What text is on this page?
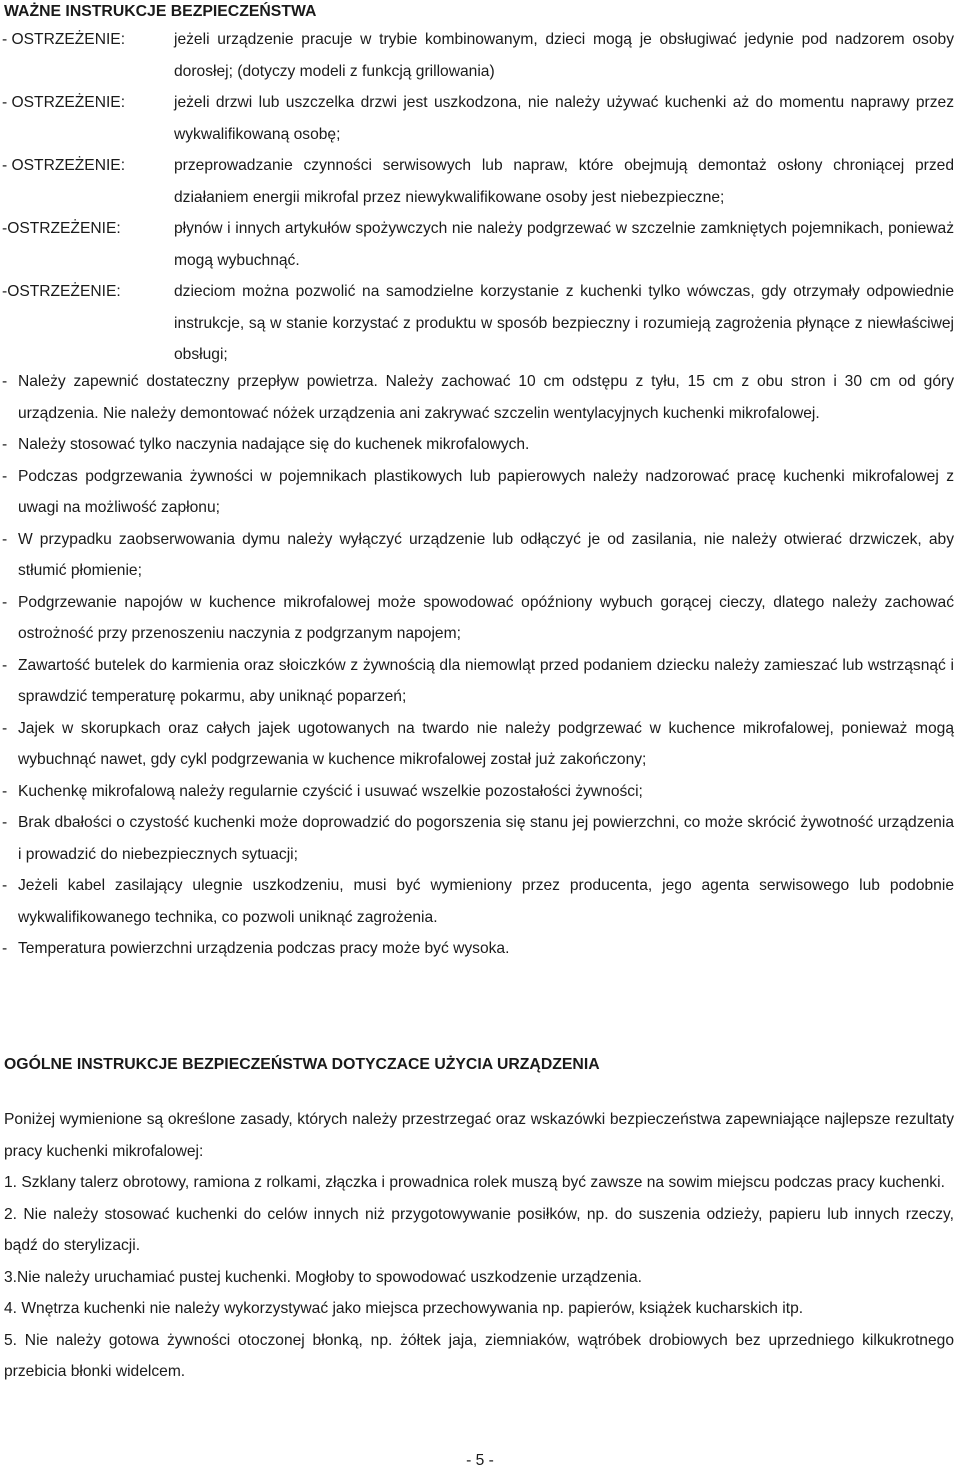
WAŻNE INSTRUKCJE BEZPIECZEŃSTWA
- OSTRZEŻENIE:	jeżeli urządzenie pracuje w trybie kombinowanym, dzieci mogą je obsługiwać jedynie pod nadzorem osoby dorosłej; (dotyczy modeli z funkcją grillowania)
- OSTRZEŻENIE:	jeżeli drzwi lub uszczelka drzwi jest uszkodzona, nie należy używać kuchenki aż do momentu naprawy przez wykwalifikowaną osobę;
- OSTRZEŻENIE:	przeprowadzanie czynności serwisowych lub napraw, które obejmują demontaż osłony chroniącej przed działaniem energii mikrofal przez niewykwalifikowane osoby jest niebezpieczne;
-OSTRZEŻENIE:	płynów i innych artykułów spożywczych nie należy podgrzewać w szczelnie zamkniętych pojemnikach, ponieważ mogą wybuchnąć.
-OSTRZEŻENIE:	dzieciom można pozwolić na samodzielne korzystanie z kuchenki tylko wówczas, gdy otrzymały odpowiednie instrukcje, są w stanie korzystać z produktu w sposób bezpieczny i rozumieją zagrożenia płynące z niewłaściwej obsługi;
- Należy zapewnić dostateczny przepływ powietrza. Należy zachować 10 cm odstępu z tyłu, 15 cm z obu stron i 30 cm od góry urządzenia. Nie należy demontować nóżek urządzenia ani zakrywać szczelin wentylacyjnych kuchenki mikrofalowej.
- Należy stosować tylko naczynia nadające się do kuchenek mikrofalowych.
- Podczas podgrzewania żywności w pojemnikach plastikowych lub papierowych należy nadzorować pracę kuchenki mikrofalowej z uwagi na możliwość zapłonu;
- W przypadku zaobserwowania dymu należy wyłączyć urządzenie lub odłączyć je od zasilania, nie należy otwierać drzwiczek, aby stłumić płomienie;
- Podgrzewanie napojów w kuchence mikrofalowej może spowodować opóźniony wybuch gorącej cieczy, dlatego należy zachować ostrożność przy przenoszeniu naczynia z podgrzanym napojem;
- Zawartość butelek do karmienia oraz słoiczków z żywnością dla niemowląt przed podaniem dziecku należy zamieszać lub wstrząsnąć i sprawdzić temperaturę pokarmu, aby uniknąć poparzeń;
- Jajek w skorupkach oraz całych jajek ugotowanych na twardo nie należy podgrzewać w kuchence mikrofalowej, ponieważ mogą wybuchnąć nawet, gdy cykl podgrzewania w kuchence mikrofalowej został już zakończony;
- Kuchenkę mikrofalową należy regularnie czyścić i usuwać wszelkie pozostałości żywności;
- Brak dbałości o czystość kuchenki może doprowadzić do pogorszenia się stanu jej powierzchni, co może skrócić żywotność urządzenia i prowadzić do niebezpiecznych sytuacji;
- Jeżeli kabel zasilający ulegnie uszkodzeniu, musi być wymieniony przez producenta, jego agenta serwisowego lub podobnie wykwalifikowanego technika, co pozwoli uniknąć zagrożenia.
- Temperatura powierzchni urządzenia podczas pracy może być wysoka.
OGÓLNE INSTRUKCJE BEZPIECZEŃSTWA DOTYCZACE UŻYCIA URZĄDZENIA

Poniżej wymienione są określone zasady, których należy przestrzegać oraz wskazówki bezpieczeństwa zapewniające najlepsze rezultaty pracy kuchenki mikrofalowej:

1. Szklany talerz obrotowy, ramiona z rolkami, złączka i prowadnica rolek muszą być zawsze na sowim miejscu podczas pracy kuchenki.

2. Nie należy stosować kuchenki do celów innych niż przygotowywanie posiłków, np. do suszenia odzieży, papieru lub innych rzeczy, bądź do sterylizacji.

3.Nie należy uruchamiać pustej kuchenki. Mogłoby to spowodować uszkodzenie urządzenia.

4. Wnętrza kuchenki nie należy wykorzystywać jako miejsca przechowywania np. papierów, książek kucharskich itp.

5. Nie należy gotowa żywności otoczonej błonką, np. żółtek jaja, ziemniaków, wątróbek drobiowych bez uprzedniego kilkukrotnego przebicia błonki widelcem.

- 5 -
